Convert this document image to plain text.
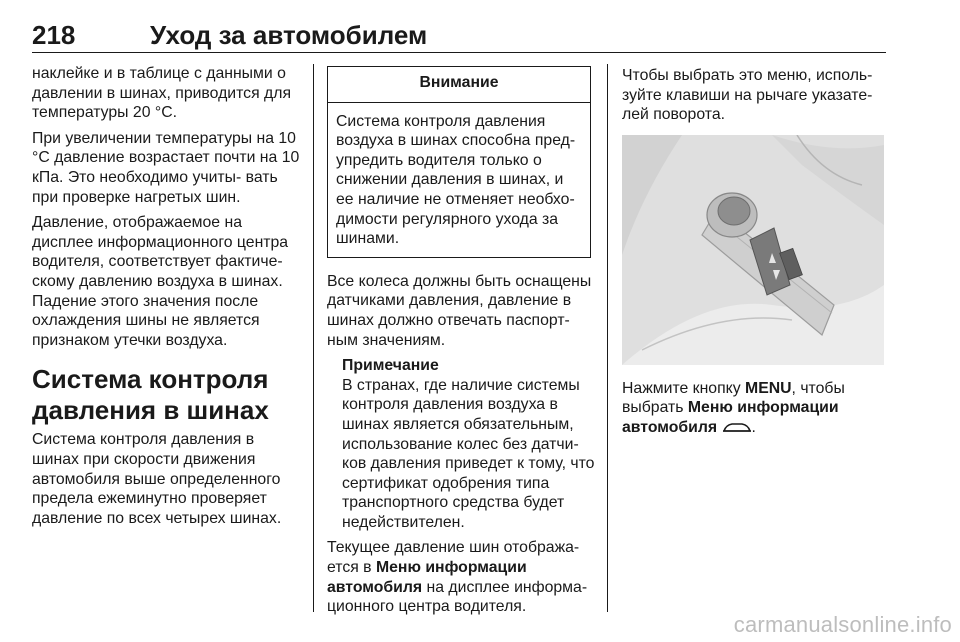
218	Уход за автомобилем

наклейке и в таблице с данными о давлении в шинах, приводится для температуры 20 °С.

При увеличении температуры на 10 °С давление возрастает почти на 10 кПа. Это необходимо учиты- вать при проверке нагретых шин.

Давление, отображаемое на дисплее информационного центра водителя, соответствует фактиче- скому давлению воздуха в шинах. Падение этого значения после охлаждения шины не является признаком утечки воздуха.

Система контроля давления в шинах

Система контроля давления в шинах при скорости движения автомобиля выше определенного предела ежеминутно проверяет давление по всех четырех шинах.

Внимание
Система контроля давления воздуха в шинах способна пред- упредить водителя только о снижении давления в шинах, и ее наличие не отменяет необхо- димости регулярного ухода за шинами.

Все колеса должны быть оснащены датчиками давления, давление в шинах должно отвечать паспорт- ным значениям.

Примечание
В странах, где наличие системы контроля давления воздуха в шинах является обязательным, использование колес без датчи- ков давления приведет к тому, что сертификат одобрения типа транспортного средства будет недействителен.

Текущее давление шин отобража- ется в Меню информации автомобиля на дисплее информа- ционного центра водителя.

Чтобы выбрать это меню, исполь- зуйте клавиши на рычаге указате- лей поворота.

Нажмите кнопку MENU, чтобы выбрать Меню информации автомобиля .

carmanualsonline.info
